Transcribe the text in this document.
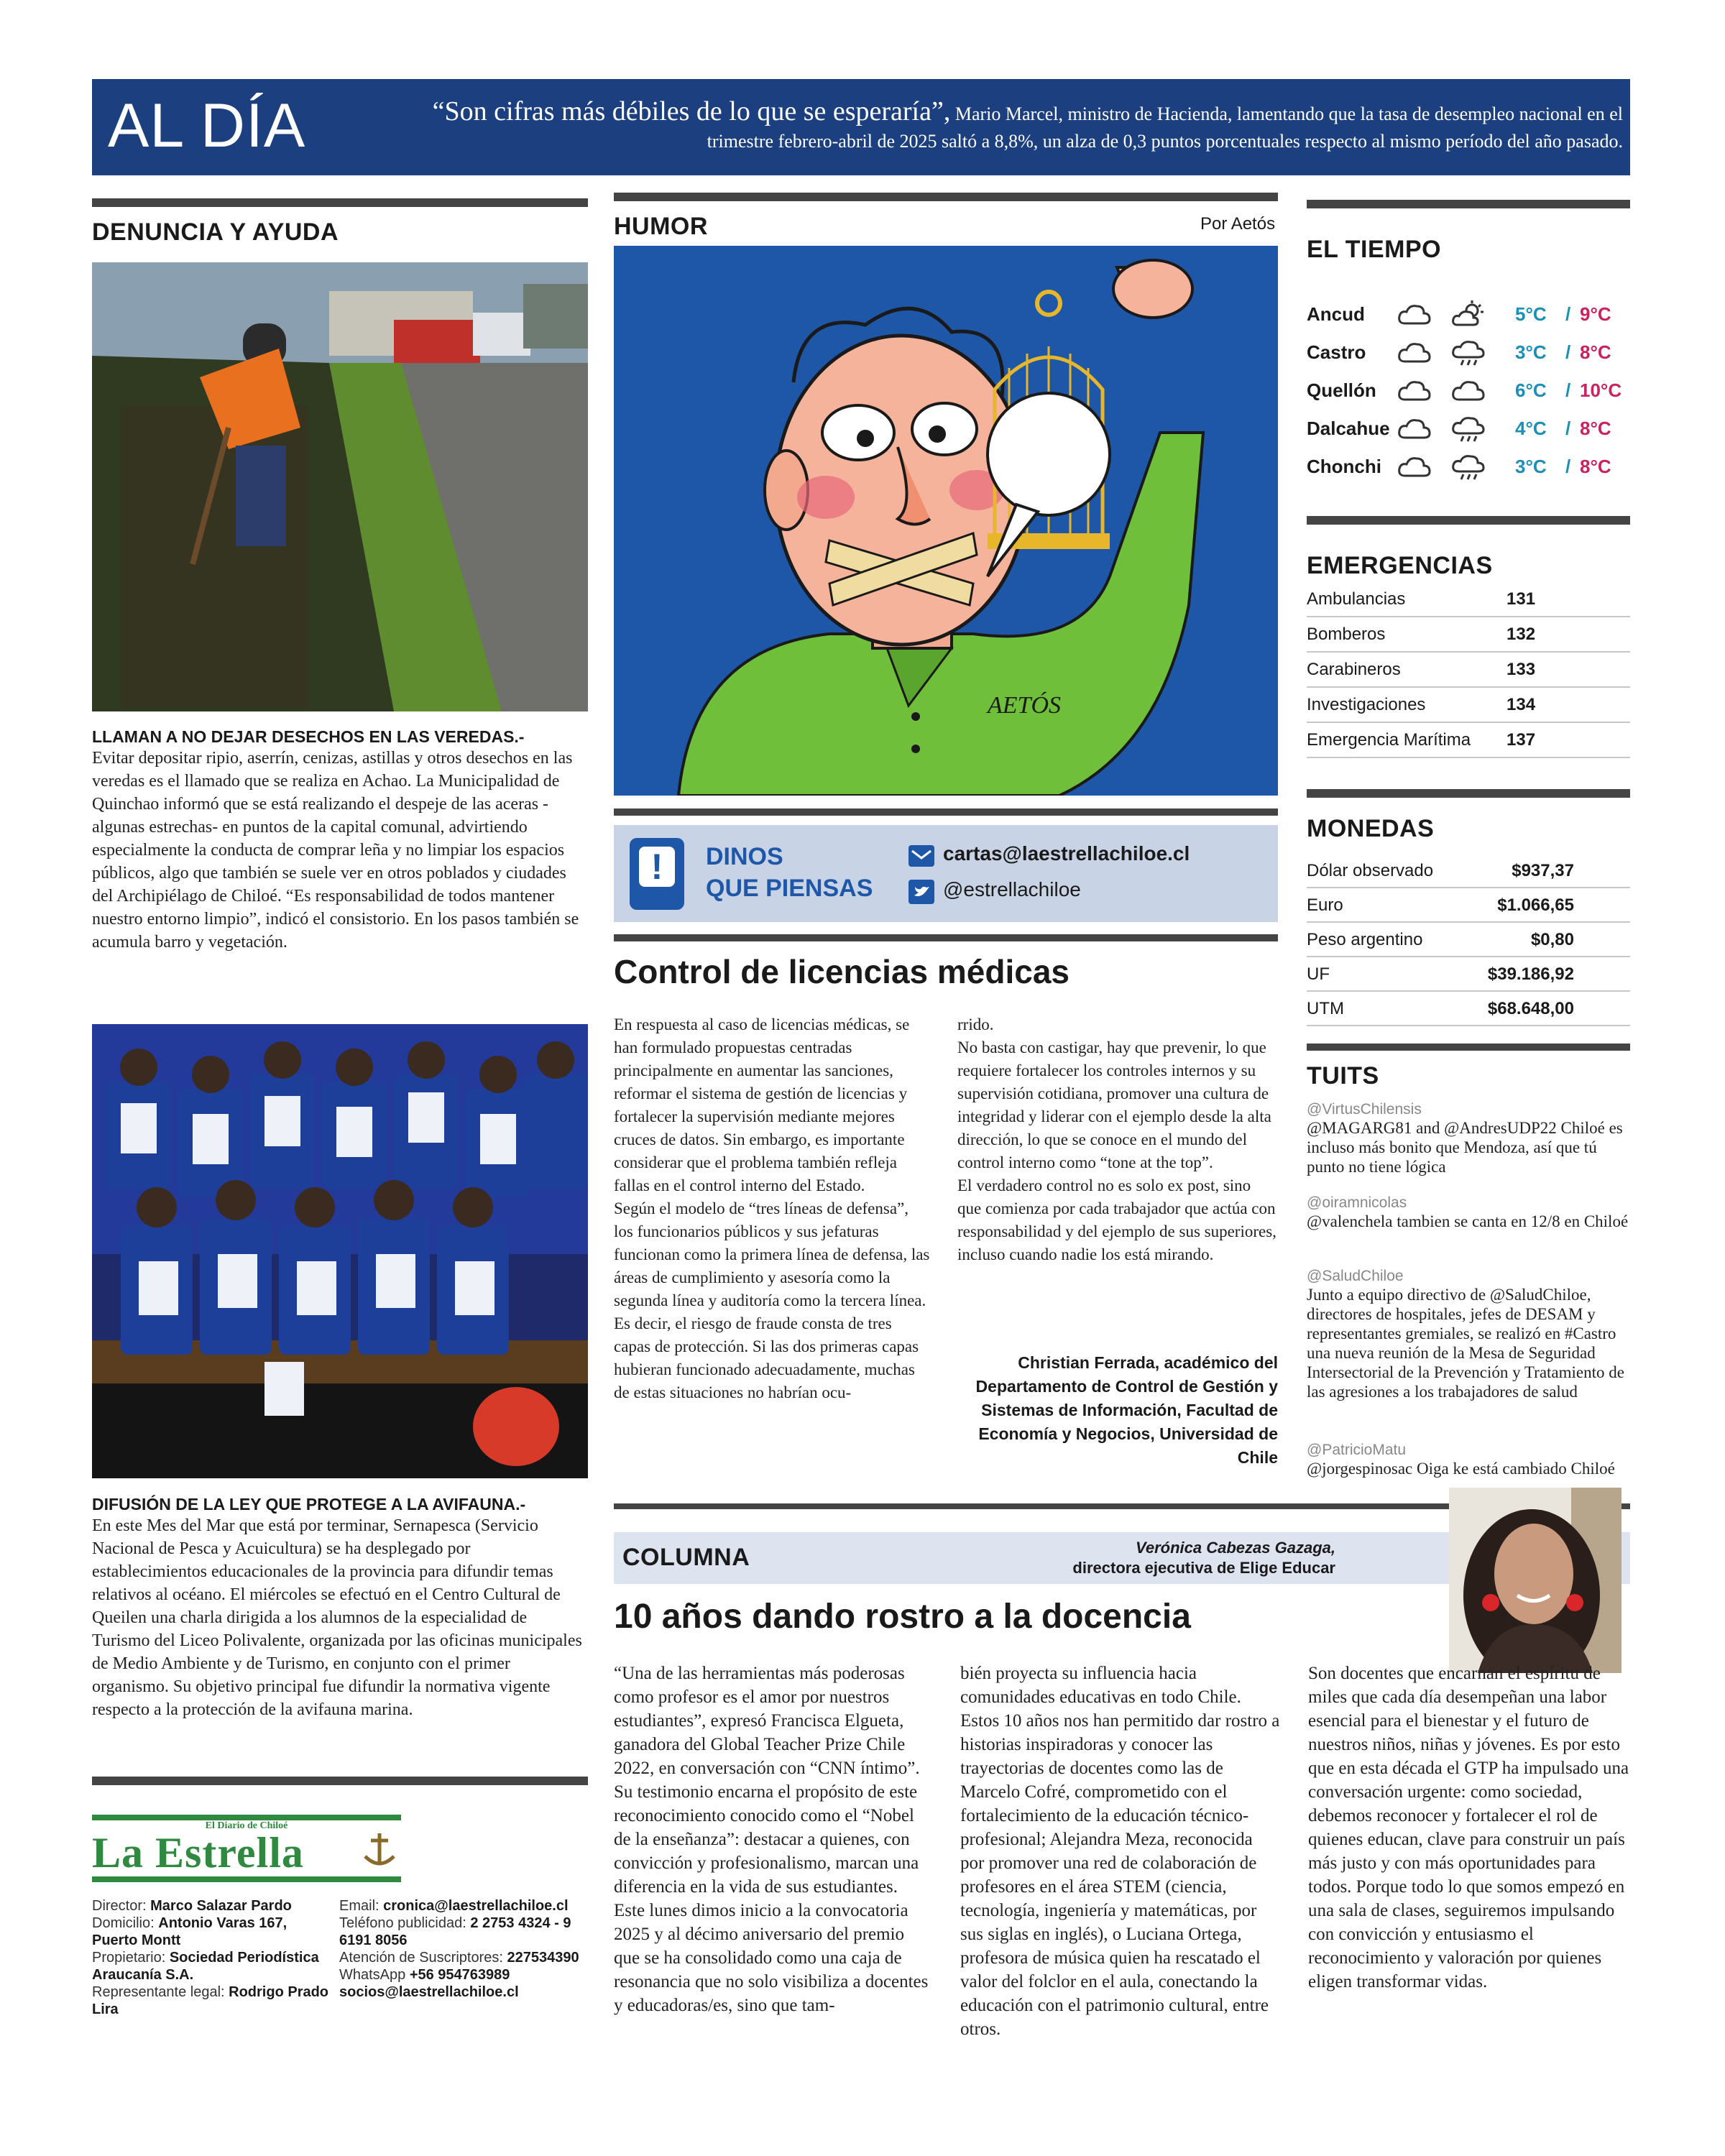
AL DÍA	“Son cifras más débiles de lo que se esperaría”, Mario Marcel, ministro de Hacienda, lamentando que la tasa de desempleo nacional en el trimestre febrero-abril de 2025 saltó a 8,8%, un alza de 0,3 puntos porcentuales respecto al mismo período del año pasado.
DENUNCIA Y AYUDA
LLAMAN A NO DEJAR DESECHOS EN LAS VEREDAS.-
Evitar depositar ripio, aserrín, cenizas, astillas y otros desechos en las veredas es el llamado que se realiza en Achao. La Municipalidad de Quinchao informó que se está realizando el despeje de las aceras -algunas estrechas- en puntos de la capital comunal, advirtiendo especialmente la conducta de comprar leña y no limpiar los espacios públicos, algo que también se suele ver en otros poblados y ciudades del Archipiélago de Chiloé. “Es responsabilidad de todos mantener nuestro entorno limpio”, indicó el consistorio. En los pasos también se acumula barro y vegetación.
DIFUSIÓN DE LA LEY QUE PROTEGE A LA AVIFAUNA.-
En este Mes del Mar que está por terminar, Sernapesca (Servicio Nacional de Pesca y Acuicultura) se ha desplegado por establecimientos educacionales de la provincia para difundir temas relativos al océano. El miércoles se efectuó en el Centro Cultural de Queilen una charla dirigida a los alumnos de la especialidad de Turismo del Liceo Polivalente, organizada por las oficinas municipales de Medio Ambiente y de Turismo, en conjunto con el primer organismo. Su objetivo principal fue difundir la normativa vigente respecto a la protección de la avifauna marina.
El Diario de Chiloé
La Estrella
Director: Marco Salazar Pardo
Domicilio: Antonio Varas 167, Puerto Montt
Propietario: Sociedad Periodística Araucanía S.A.
Representante legal: Rodrigo Prado Lira
Email: cronica@laestrellachiloe.cl
Teléfono publicidad: 2 2753 4324 - 9 6191 8056
Atención de Suscriptores: 227534390
WhatsApp +56 954763989
socios@laestrellachiloe.cl
HUMOR	Por Aetós
AETÓS
!	DINOS
QUE PIENSAS
cartas@laestrellachiloe.cl
@estrellachiloe
Control de licencias médicas
En respuesta al caso de licencias médicas, se han formulado propuestas centradas principalmente en aumentar las sanciones, reformar el sistema de gestión de licencias y fortalecer la supervisión mediante mejores cruces de datos. Sin embargo, es importante considerar que el problema también refleja fallas en el control interno del Estado.
Según el modelo de “tres líneas de defensa”, los funcionarios públicos y sus jefaturas funcionan como la primera línea de defensa, las áreas de cumplimiento y asesoría como la segunda línea y auditoría como la tercera línea. Es decir, el riesgo de fraude consta de tres capas de protección. Si las dos primeras capas hubieran funcionado adecuadamente, muchas de estas situaciones no habrían ocu-
rrido.
No basta con castigar, hay que prevenir, lo que requiere fortalecer los controles internos y su supervisión cotidiana, promover una cultura de integridad y liderar con el ejemplo desde la alta dirección, lo que se conoce en el mundo del control interno como “tone at the top”.
El verdadero control no es solo ex post, sino que comienza por cada trabajador que actúa con responsabilidad y del ejemplo de sus superiores, incluso cuando nadie los está mirando.
Christian Ferrada, académico del Departamento de Control de Gestión y Sistemas de Información, Facultad de Economía y Negocios, Universidad de Chile
COLUMNA	Verónica Cabezas Gazaga,
directora ejecutiva de Elige Educar
10 años dando rostro a la docencia
“Una de las herramientas más poderosas como profesor es el amor por nuestros estudiantes”, expresó Francisca Elgueta, ganadora del Global Teacher Prize Chile 2022, en conversación con “CNN íntimo”. Su testimonio encarna el propósito de este reconocimiento conocido como el “Nobel de la enseñanza”: destacar a quienes, con convicción y profesionalismo, marcan una diferencia en la vida de sus estudiantes. Este lunes dimos inicio a la convocatoria 2025 y al décimo aniversario del premio que se ha consolidado como una caja de resonancia que no solo visibiliza a docentes y educadoras/es, sino que tam-
bién proyecta su influencia hacia comunidades educativas en todo Chile. Estos 10 años nos han permitido dar rostro a historias inspiradoras y conocer las trayectorias de docentes como las de Marcelo Cofré, comprometido con el fortalecimiento de la educación técnico-profesional; Alejandra Meza, reconocida por promover una red de colaboración de profesores en el área STEM (ciencia, tecnología, ingeniería y matemáticas, por sus siglas en inglés), o Luciana Ortega, profesora de música quien ha rescatado el valor del folclor en el aula, conectando la educación con el patrimonio cultural, entre otros.
Son docentes que encarnan el espíritu de miles que cada día desempeñan una labor esencial para el bienestar y el futuro de nuestros niños, niñas y jóvenes. Es por esto que en esta década el GTP ha impulsado una conversación urgente: como sociedad, debemos reconocer y fortalecer el rol de quienes educan, clave para construir un país más justo y con más oportunidades para todos. Porque todo lo que somos empezó en una sala de clases, seguiremos impulsando con convicción y entusiasmo el reconocimiento y valoración por quienes eligen transformar vidas.
EL TIEMPO
Ancud	5°C / 9°C
Castro	3°C / 8°C
Quellón	6°C / 10°C
Dalcahue	4°C / 8°C
Chonchi	3°C / 8°C
EMERGENCIAS
Ambulancias	131
Bomberos	132
Carabineros	133
Investigaciones	134
Emergencia Marítima 137
MONEDAS
Dólar observado	$937,37
Euro	$1.066,65
Peso argentino	$0,80
UF	$39.186,92
UTM	$68.648,00
TUITS
@VirtusChilensis
@MAGARG81 and @AndresUDP22 Chiloé es incluso más bonito que Mendoza, así que tú punto no tiene lógica
@oiramnicolas
@valenchela tambien se canta en 12/8 en Chiloé
@SaludChiloe
Junto a equipo directivo de @SaludChiloe, directores de hospitales, jefes de DESAM y representantes gremiales, se realizó en #Castro una nueva reunión de la Mesa de Seguridad Intersectorial de la Prevención y Tratamiento de las agresiones a los trabajadores de salud
@PatricioMatu
@jorgespinosac Oiga ke está cambiado Chiloé
